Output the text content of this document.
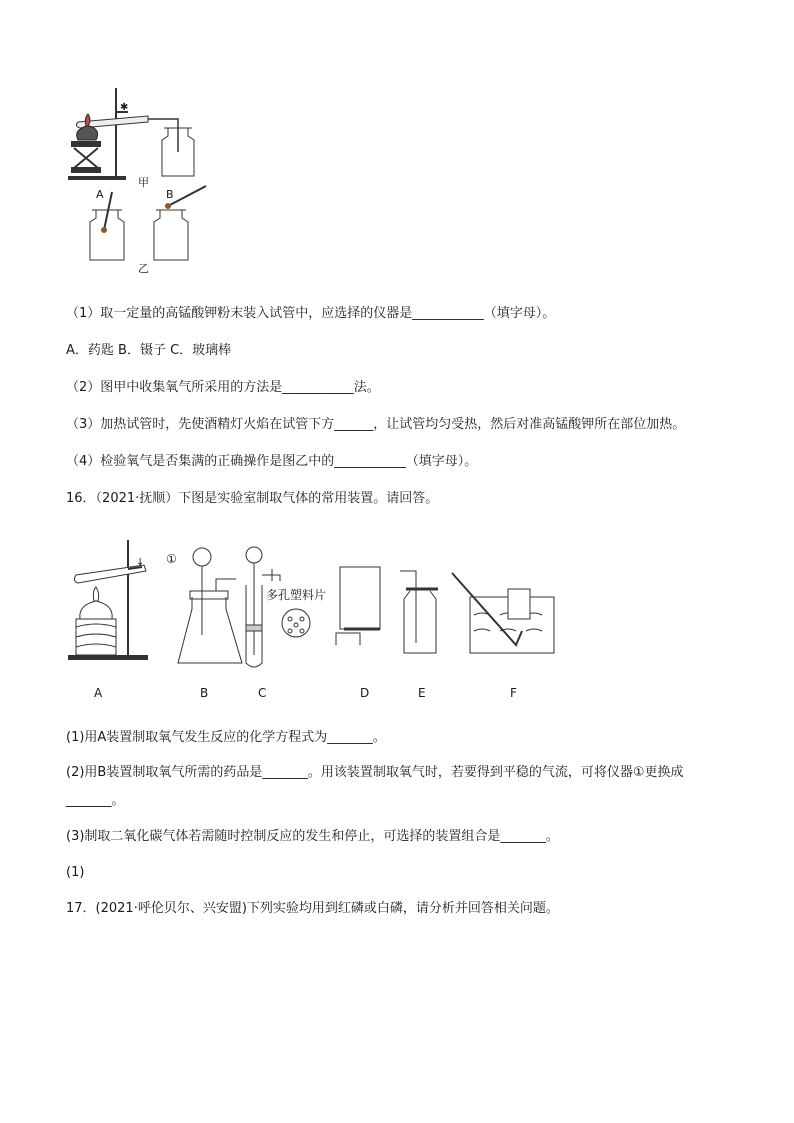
✱
甲
A	B
乙
（1）取一定量的高锰酸钾粉末装入试管中，应选择的仪器是___________（填字母）。
A．药匙 B．镊子 C．玻璃棒
（2）图甲中收集氧气所采用的方法是___________法。
（3）加热试管时，先使酒精灯火焰在试管下方______，让试管均匀受热，然后对准高锰酸钾所在部位加热。
（4）检验氧气是否集满的正确操作是图乙中的___________（填字母）。
16．（2021·抚顺）下图是实验室制取气体的常用装置。请回答。
↓ ①
多孔塑料片
A	B	C	D	E	F
(1)用A装置制取氧气发生反应的化学方程式为_______。
(2)用B装置制取氧气所需的药品是_______。用该装置制取氧气时，若要得到平稳的气流，可将仪器①更换成
_______。
(3)制取二氧化碳气体若需随时控制反应的发生和停止，可选择的装置组合是_______。
(1)
17．(2021·呼伦贝尔、兴安盟)下列实验均用到红磷或白磷，请分析并回答相关问题。
